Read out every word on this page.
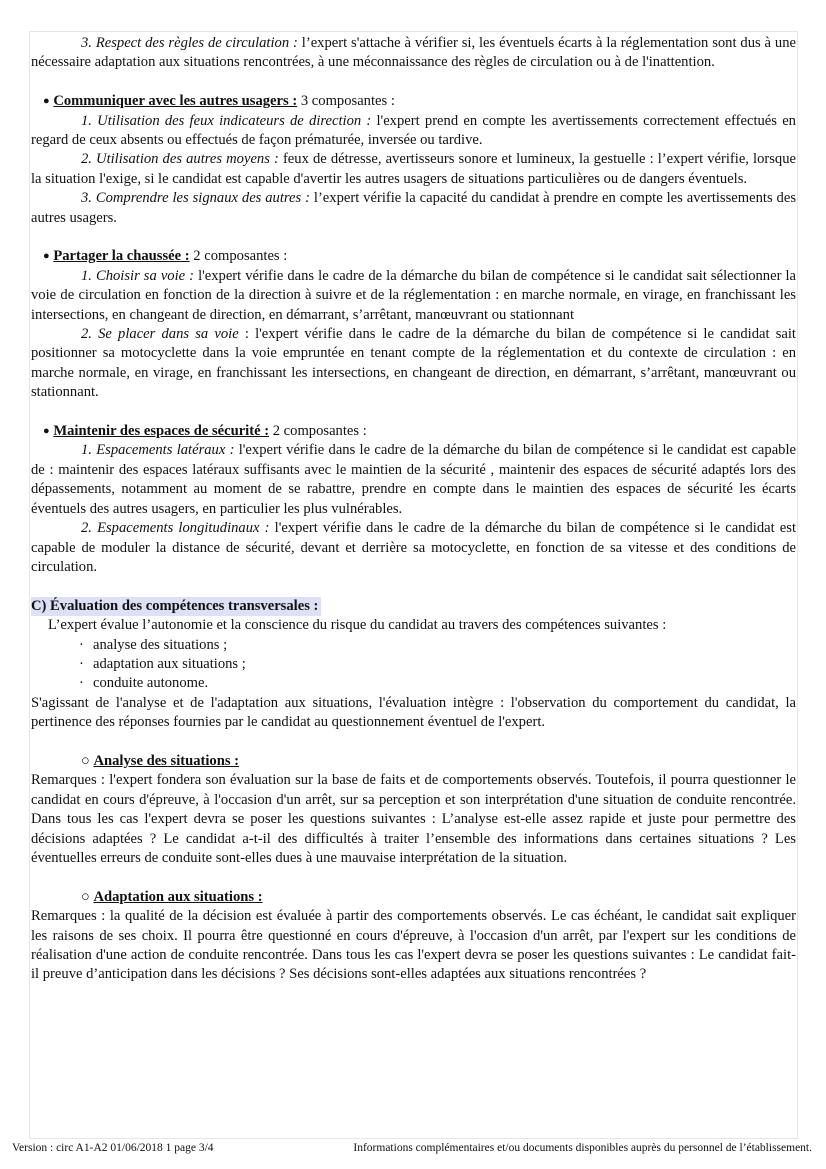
3. Respect des règles de circulation : l’expert s'attache à vérifier si, les éventuels écarts à la réglementation sont dus à une nécessaire adaptation aux situations rencontrées, à une méconnaissance des règles de circulation ou à de l'inattention.

● Communiquer avec les autres usagers : 3 composantes :

1. Utilisation des feux indicateurs de direction : l'expert prend en compte les avertissements correctement effectués en regard de ceux absents ou effectués de façon prématurée, inversée ou tardive.

2. Utilisation des autres moyens : feux de détresse, avertisseurs sonore et lumineux, la gestuelle : l’expert vérifie, lorsque la situation l'exige, si le candidat est capable d'avertir les autres usagers de situations particulières ou de dangers éventuels.

3. Comprendre les signaux des autres : l’expert vérifie la capacité du candidat à prendre en compte les avertissements des autres usagers.

● Partager la chaussée : 2 composantes :

1. Choisir sa voie : l'expert vérifie dans le cadre de la démarche du bilan de compétence si le candidat sait sélectionner la voie de circulation en fonction de la direction à suivre et de la réglementation : en marche normale, en virage, en franchissant les intersections, en changeant de direction, en démarrant, s’arrêtant, manœuvrant ou stationnant

2. Se placer dans sa voie : l'expert vérifie dans le cadre de la démarche du bilan de compétence si le candidat sait positionner sa motocyclette dans la voie empruntée en tenant compte de la réglementation et du contexte de circulation : en marche normale, en virage, en franchissant les intersections, en changeant de direction, en démarrant, s’arrêtant, manœuvrant ou stationnant.

● Maintenir des espaces de sécurité : 2 composantes :

1. Espacements latéraux : l'expert vérifie dans le cadre de la démarche du bilan de compétence si le candidat est capable de : maintenir des espaces latéraux suffisants avec le maintien de la sécurité , maintenir des espaces de sécurité adaptés lors des dépassements, notamment au moment de se rabattre, prendre en compte dans le maintien des espaces de sécurité les écarts éventuels des autres usagers, en particulier les plus vulnérables.

2. Espacements longitudinaux : l'expert vérifie dans le cadre de la démarche du bilan de compétence si le candidat est capable de moduler la distance de sécurité, devant et derrière sa motocyclette, en fonction de sa vitesse et des conditions de circulation.

C) Évaluation des compétences transversales :

L’expert évalue l’autonomie et la conscience du risque du candidat au travers des compétences suivantes :

· analyse des situations ;

· adaptation aux situations ;

· conduite autonome.

S'agissant de l'analyse et de l'adaptation aux situations, l'évaluation intègre : l'observation du comportement du candidat, la pertinence des réponses fournies par le candidat au questionnement éventuel de l'expert.

○ Analyse des situations :

Remarques : l'expert fondera son évaluation sur la base de faits et de comportements observés. Toutefois, il pourra questionner le candidat en cours d'épreuve, à l'occasion d'un arrêt, sur sa perception et son interprétation d'une situation de conduite rencontrée. Dans tous les cas l'expert devra se poser les questions suivantes : L’analyse est-elle assez rapide et juste pour permettre des décisions adaptées ? Le candidat a-t-il des difficultés à traiter l’ensemble des informations dans certaines situations ? Les éventuelles erreurs de conduite sont-elles dues à une mauvaise interprétation de la situation.

○ Adaptation aux situations :

Remarques : la qualité de la décision est évaluée à partir des comportements observés. Le cas échéant, le candidat sait expliquer les raisons de ses choix. Il pourra être questionné en cours d'épreuve, à l'occasion d'un arrêt, par l'expert sur les conditions de réalisation d'une action de conduite rencontrée. Dans tous les cas l'expert devra se poser les questions suivantes : Le candidat fait-il preuve d’anticipation dans les décisions ? Ses décisions sont-elles adaptées aux situations rencontrées ?

Version : circ A1-A2 01/06/2018 1 page 3/4	Informations complémentaires et/ou documents disponibles auprès du personnel de l’établissement.
